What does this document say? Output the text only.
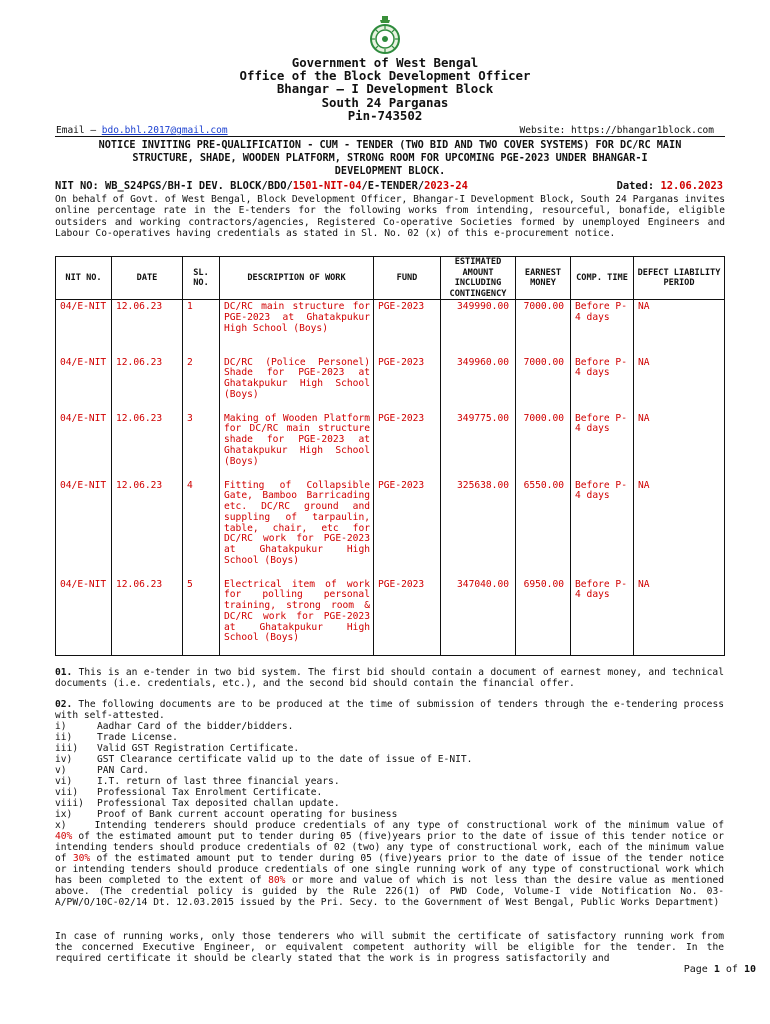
Government of West Bengal
Office of the Block Development Officer
Bhangar – I Development Block
South 24 Parganas
Pin-743502
Email – bdo.bhl.2017@gmail.com	Website: https://bhangar1block.com
NOTICE INVITING PRE-QUALIFICATION - CUM - TENDER (TWO BID AND TWO COVER SYSTEMS) FOR DC/RC MAIN
STRUCTURE, SHADE, WOODEN PLATFORM, STRONG ROOM FOR UPCOMING PGE-2023 UNDER BHANGAR-I
DEVELOPMENT BLOCK.
NIT NO: WB_S24PGS/BH-I DEV. BLOCK/BDO/1501-NIT-04/E-TENDER/2023-24	Dated: 12.06.2023
On behalf of Govt. of West Bengal, Block Development Officer, Bhangar-I Development Block, South 24 Parganas invites online percentage rate in the E-tenders for the following works from intending, resourceful, bonafide, eligible outsiders and working contractors/agencies, Registered Co-operative Societies formed by unemployed Engineers and Labour Co-operatives having credentials as stated in Sl. No. 02 (x) of this e-procurement notice.
NIT NO.	DATE	SL. NO.	DESCRIPTION OF WORK	FUND	ESTIMATED AMOUNT INCLUDING CONTINGENCY	EARNEST MONEY	COMP. TIME	DEFECT LIABILITY PERIOD
04/E-NIT	12.06.23	1	DC/RC main structure for PGE-2023 at Ghatakpukur High School (Boys)	PGE-2023	349990.00	7000.00	Before P-4 days	NA
04/E-NIT	12.06.23	2	DC/RC (Police Personel) Shade for PGE-2023 at Ghatakpukur High School (Boys)	PGE-2023	349960.00	7000.00	Before P-4 days	NA
04/E-NIT	12.06.23	3	Making of Wooden Platform for DC/RC main structure shade for PGE-2023 at Ghatakpukur High School (Boys)	PGE-2023	349775.00	7000.00	Before P-4 days	NA
04/E-NIT	12.06.23	4	Fitting of Collapsible Gate, Bamboo Barricading etc. DC/RC ground and suppling of tarpaulin, table, chair, etc for DC/RC work for PGE-2023 at Ghatakpukur High School (Boys)	PGE-2023	325638.00	6550.00	Before P-4 days	NA
04/E-NIT	12.06.23	5	Electrical item of work for polling personal training, strong room & DC/RC work for PGE-2023 at Ghatakpukur High School (Boys)	PGE-2023	347040.00	6950.00	Before P-4 days	NA
01. This is an e-tender in two bid system. The first bid should contain a document of earnest money, and technical documents (i.e. credentials, etc.), and the second bid should contain the financial offer.
02. The following documents are to be produced at the time of submission of tenders through the e-tendering process with self-attested.
i)	Aadhar Card of the bidder/bidders.
ii)	Trade License.
iii) Valid GST Registration Certificate.
iv)	GST Clearance certificate valid up to the date of issue of E-NIT.
v)	PAN Card.
vi)	I.T. return of last three financial years.
vii) Professional Tax Enrolment Certificate.
viii) Professional Tax deposited challan update.
ix)	Proof of Bank current account operating for business
x)	Intending tenderers should produce credentials of any type of constructional work of the minimum value of 40% of the estimated amount put to tender during 05 (five)years prior to the date of issue of this tender notice or intending tenders should produce credentials of 02 (two) any type of constructional work, each of the minimum value of 30% of the estimated amount put to tender during 05 (five)years prior to the date of issue of the tender notice or intending tenders should produce credentials of one single running work of any type of constructional work which has been completed to the extent of 80% or more and value of which is not less than the desire value as mentioned above. (The credential policy is guided by the Rule 226(1) of PWD Code, Volume-I vide Notification No. 03-A/PW/O/10C-02/14 Dt. 12.03.2015 issued by the Pri. Secy. to the Government of West Bengal, Public Works Department)
In case of running works, only those tenderers who will submit the certificate of satisfactory running work from the concerned Executive Engineer, or equivalent competent authority will be eligible for the tender. In the required certificate it should be clearly stated that the work is in progress satisfactorily and
Page 1 of 10
